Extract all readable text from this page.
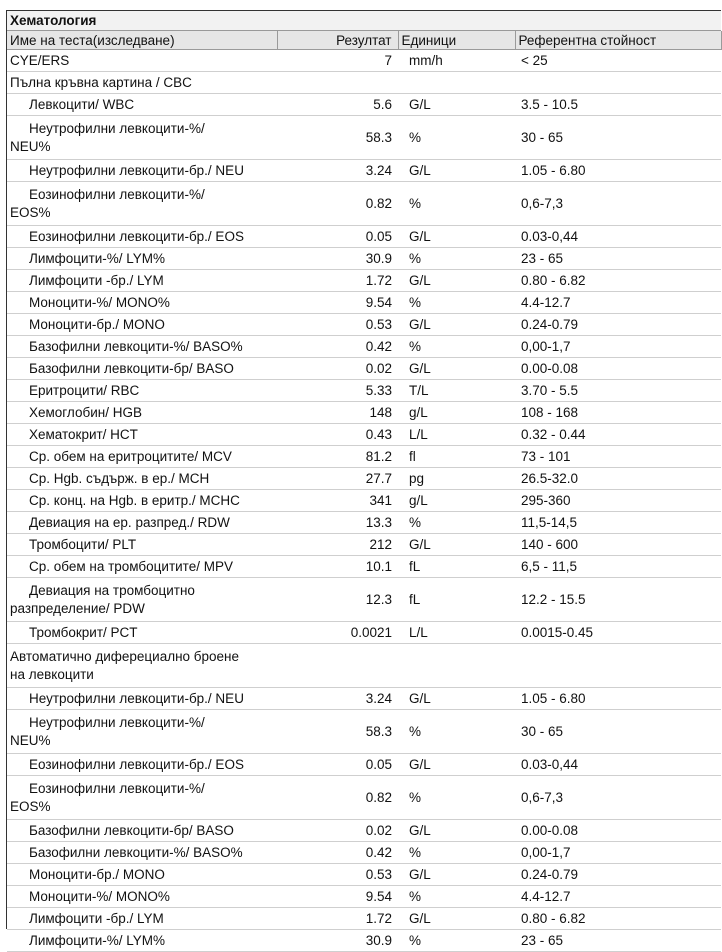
Хематология
Име на теста(изследване)	Резултат	Единици	Референтна стойност
CYE/ERS	7	mm/h	< 25
Пълна кръвна картина / CBC			
Левкоцити/ WBC	5.6	G/L	3.5 - 10.5

Неутрофилни левкоцити-%/
NEU%	58.3	%	30 - 65
Неутрофилни левкоцити-бр./ NEU	3.24	G/L	1.05 - 6.80

Еозинофилни левкоцити-%/
EOS%	0.82	%	0,6-7,3
Еозинофилни левкоцити-бр./ EOS	0.05	G/L	0.03-0,44
Лимфоцити-%/ LYM%	30.9	%	23 - 65
Лимфоцити -бр./ LYM	1.72	G/L	0.80 - 6.82
Моноцити-%/ MONO%	9.54	%	4.4-12.7
Моноцити-бр./ MONO	0.53	G/L	0.24-0.79
Базофилни левкоцити-%/ BASO%	0.42	%	0,00-1,7
Базофилни левкоцити-бр/ BASO	0.02	G/L	0.00-0.08
Еритроцити/ RBC	5.33	T/L	3.70 - 5.5
Хемоглобин/ HGB	148	g/L	108 - 168
Хематокрит/ HCT	0.43	L/L	0.32 - 0.44
Ср. обем на еритроцитите/ MCV	81.2	fl	73 - 101
Ср. Hgb. съдърж. в ер./ MCH	27.7	pg	26.5-32.0
Ср. конц. на Hgb. в еритр./ MCHC	341	g/L	295-360
Девиация на ер. разпред./ RDW	13.3	%	11,5-14,5
Тромбоцити/ PLT	212	G/L	140 - 600
Ср. обем на тромбоцитите/ MPV	10.1	fL	6,5 - 11,5

Девиация на тромбоцитно
разпределение/ PDW	12.3	fL	12.2 - 15.5
Тромбокрит/ PCT	0.0021	L/L	0.0015-0.45

Автоматично диферециално броене
на левкоцити			

Неутрофилни левкоцити-бр./ NEU	3.24	G/L	1.05 - 6.80

Неутрофилни левкоцити-%/
NEU%	58.3	%	30 - 65
Еозинофилни левкоцити-бр./ EOS	0.05	G/L	0.03-0,44

Еозинофилни левкоцити-%/
EOS%	0.82	%	0,6-7,3
Базофилни левкоцити-бр/ BASO	0.02	G/L	0.00-0.08
Базофилни левкоцити-%/ BASO%	0.42	%	0,00-1,7
Моноцити-бр./ MONO	0.53	G/L	0.24-0.79
Моноцити-%/ MONO%	9.54	%	4.4-12.7
Лимфоцити -бр./ LYM	1.72	G/L	0.80 - 6.82
Лимфоцити-%/ LYM%	30.9	%	23 - 65
